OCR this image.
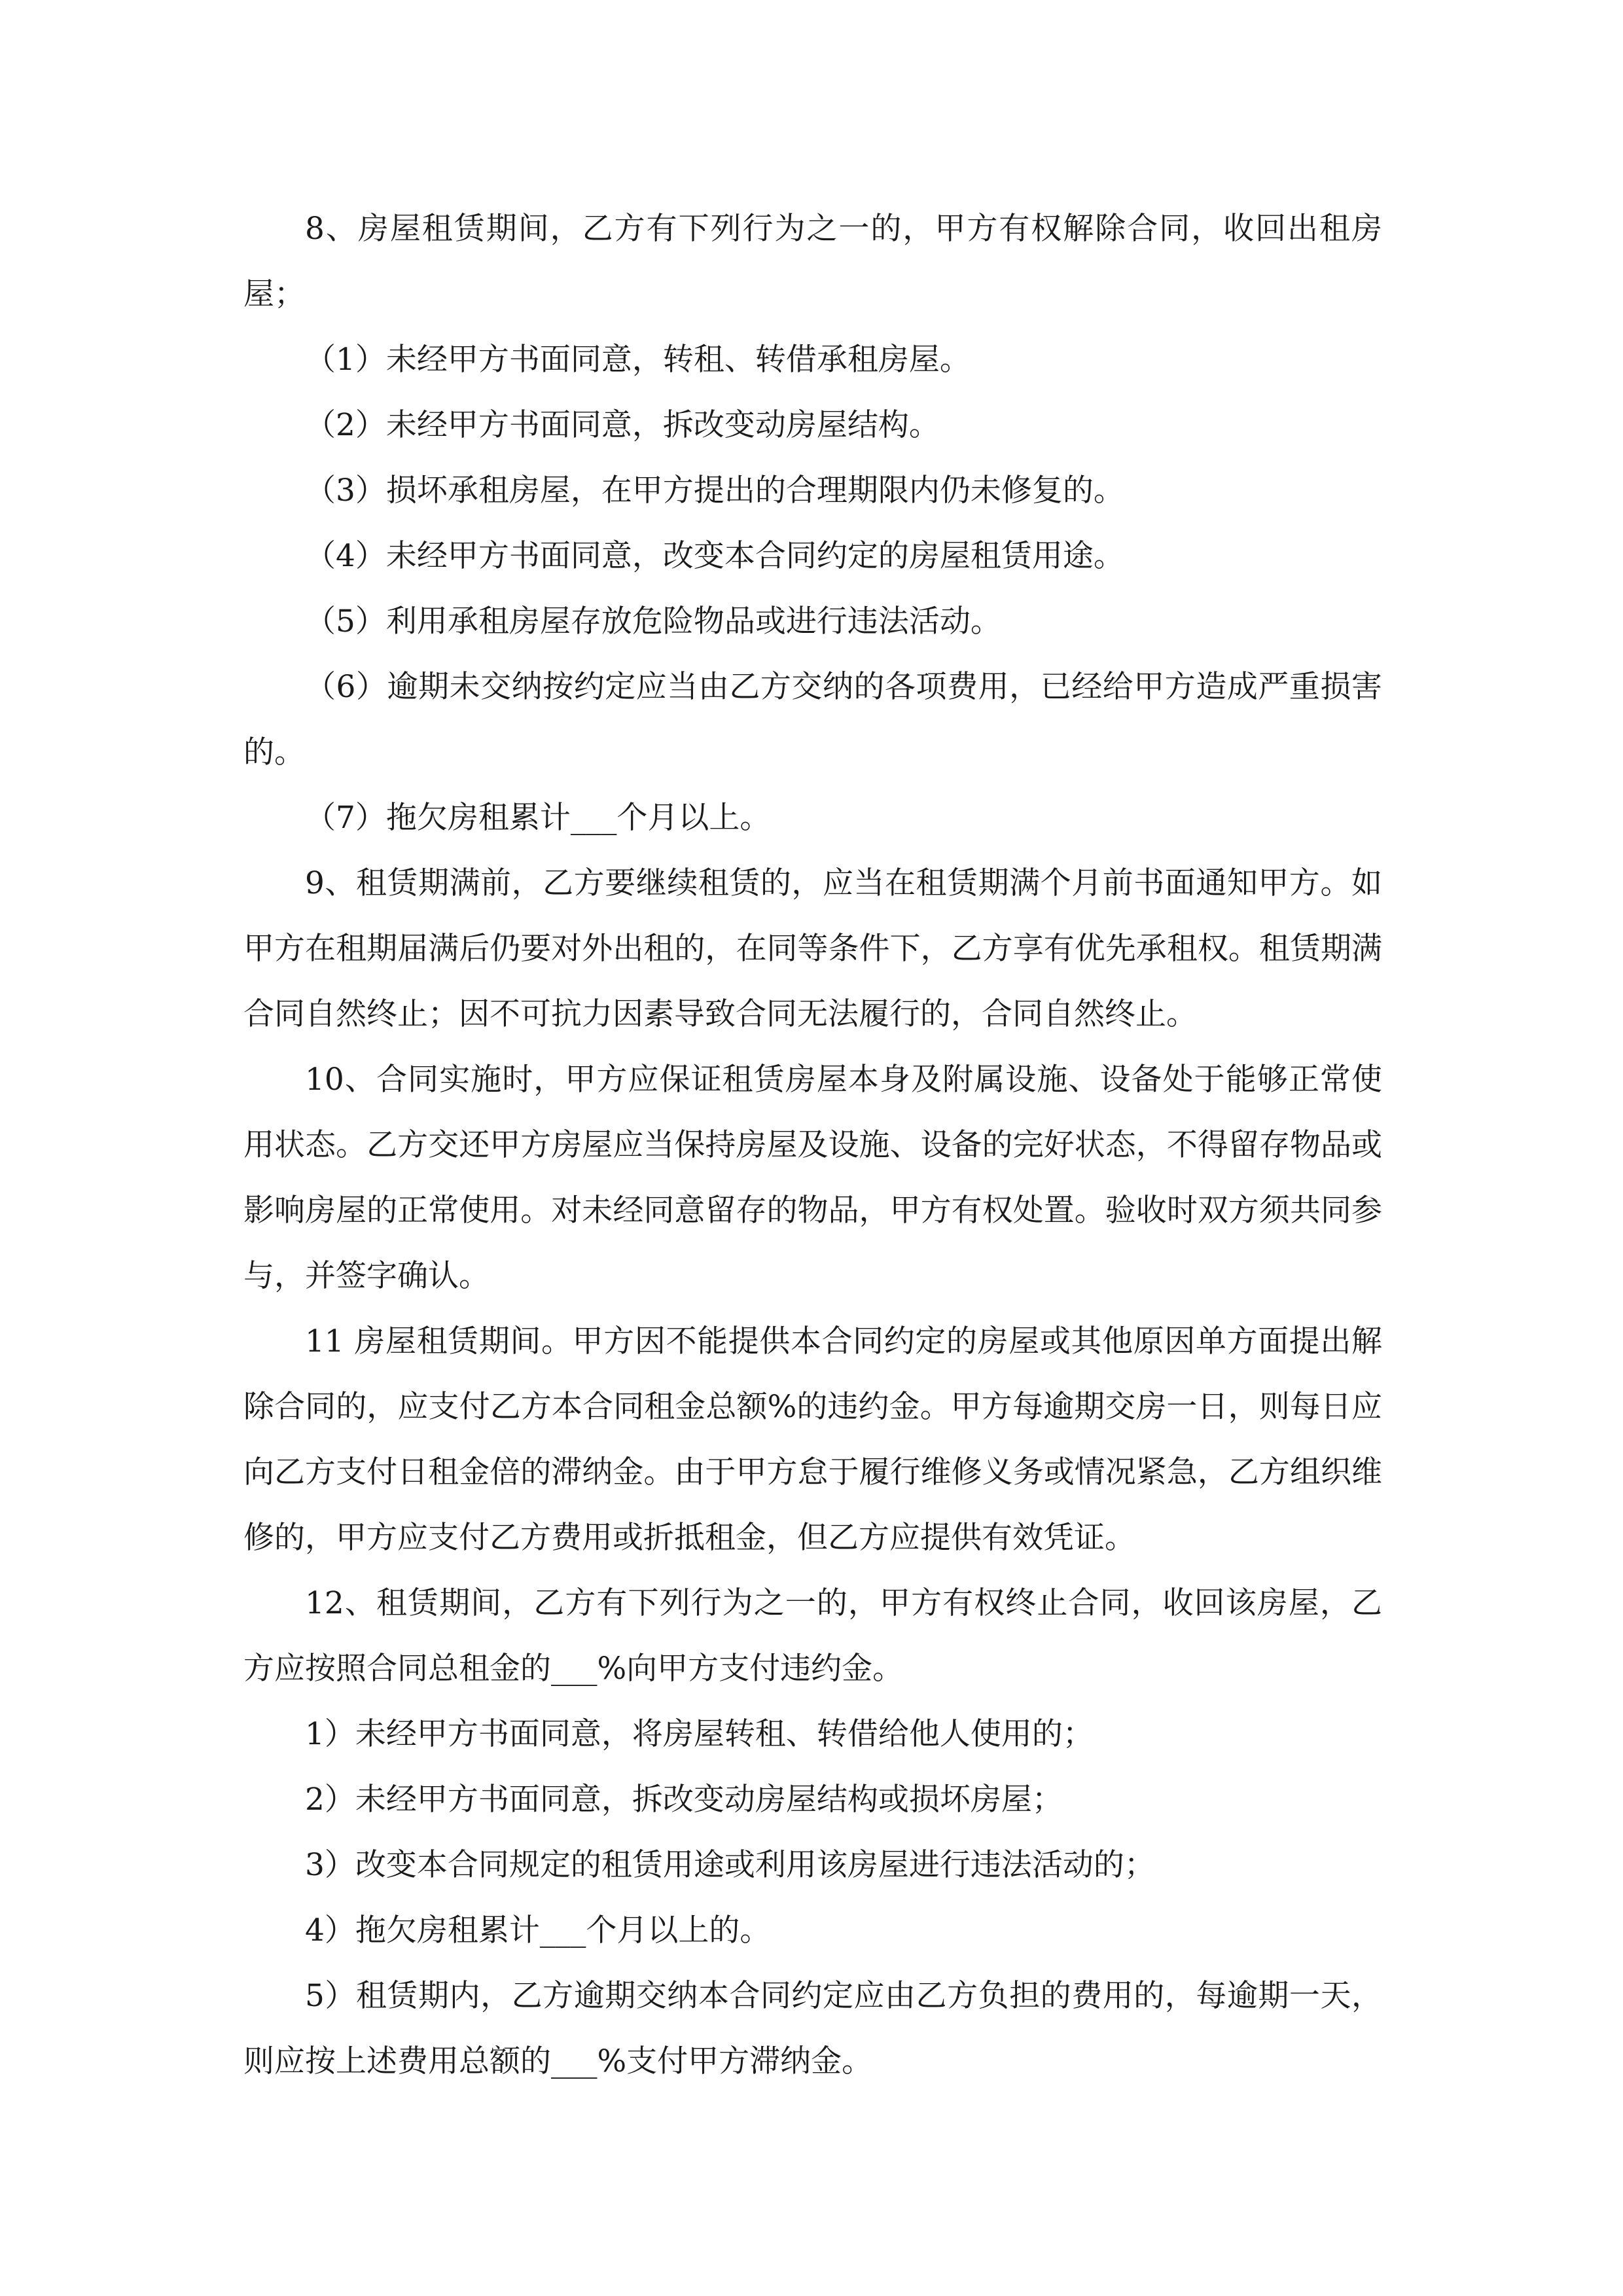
8、房屋租赁期间，乙方有下列行为之一的，甲方有权解除合同，收回出租房屋；

（1）未经甲方书面同意，转租、转借承租房屋。

（2）未经甲方书面同意，拆改变动房屋结构。

（3）损坏承租房屋，在甲方提出的合理期限内仍未修复的。

（4）未经甲方书面同意，改变本合同约定的房屋租赁用途。

（5）利用承租房屋存放危险物品或进行违法活动。

（6）逾期未交纳按约定应当由乙方交纳的各项费用，已经给甲方造成严重损害的。

（7）拖欠房租累计___个月以上。

9、租赁期满前，乙方要继续租赁的，应当在租赁期满个月前书面通知甲方。如甲方在租期届满后仍要对外出租的，在同等条件下，乙方享有优先承租权。租赁期满合同自然终止；因不可抗力因素导致合同无法履行的，合同自然终止。

10、合同实施时，甲方应保证租赁房屋本身及附属设施、设备处于能够正常使用状态。乙方交还甲方房屋应当保持房屋及设施、设备的完好状态，不得留存物品或影响房屋的正常使用。对未经同意留存的物品，甲方有权处置。验收时双方须共同参与，并签字确认。

11 房屋租赁期间。甲方因不能提供本合同约定的房屋或其他原因单方面提出解除合同的，应支付乙方本合同租金总额%的违约金。甲方每逾期交房一日，则每日应向乙方支付日租金倍的滞纳金。由于甲方怠于履行维修义务或情况紧急，乙方组织维修的，甲方应支付乙方费用或折抵租金，但乙方应提供有效凭证。

12、租赁期间，乙方有下列行为之一的，甲方有权终止合同，收回该房屋，乙方应按照合同总租金的___%向甲方支付违约金。

1）未经甲方书面同意，将房屋转租、转借给他人使用的；

2）未经甲方书面同意，拆改变动房屋结构或损坏房屋；

3）改变本合同规定的租赁用途或利用该房屋进行违法活动的；

4）拖欠房租累计___个月以上的。

5）租赁期内，乙方逾期交纳本合同约定应由乙方负担的费用的，每逾期一天，则应按上述费用总额的___%支付甲方滞纳金。
